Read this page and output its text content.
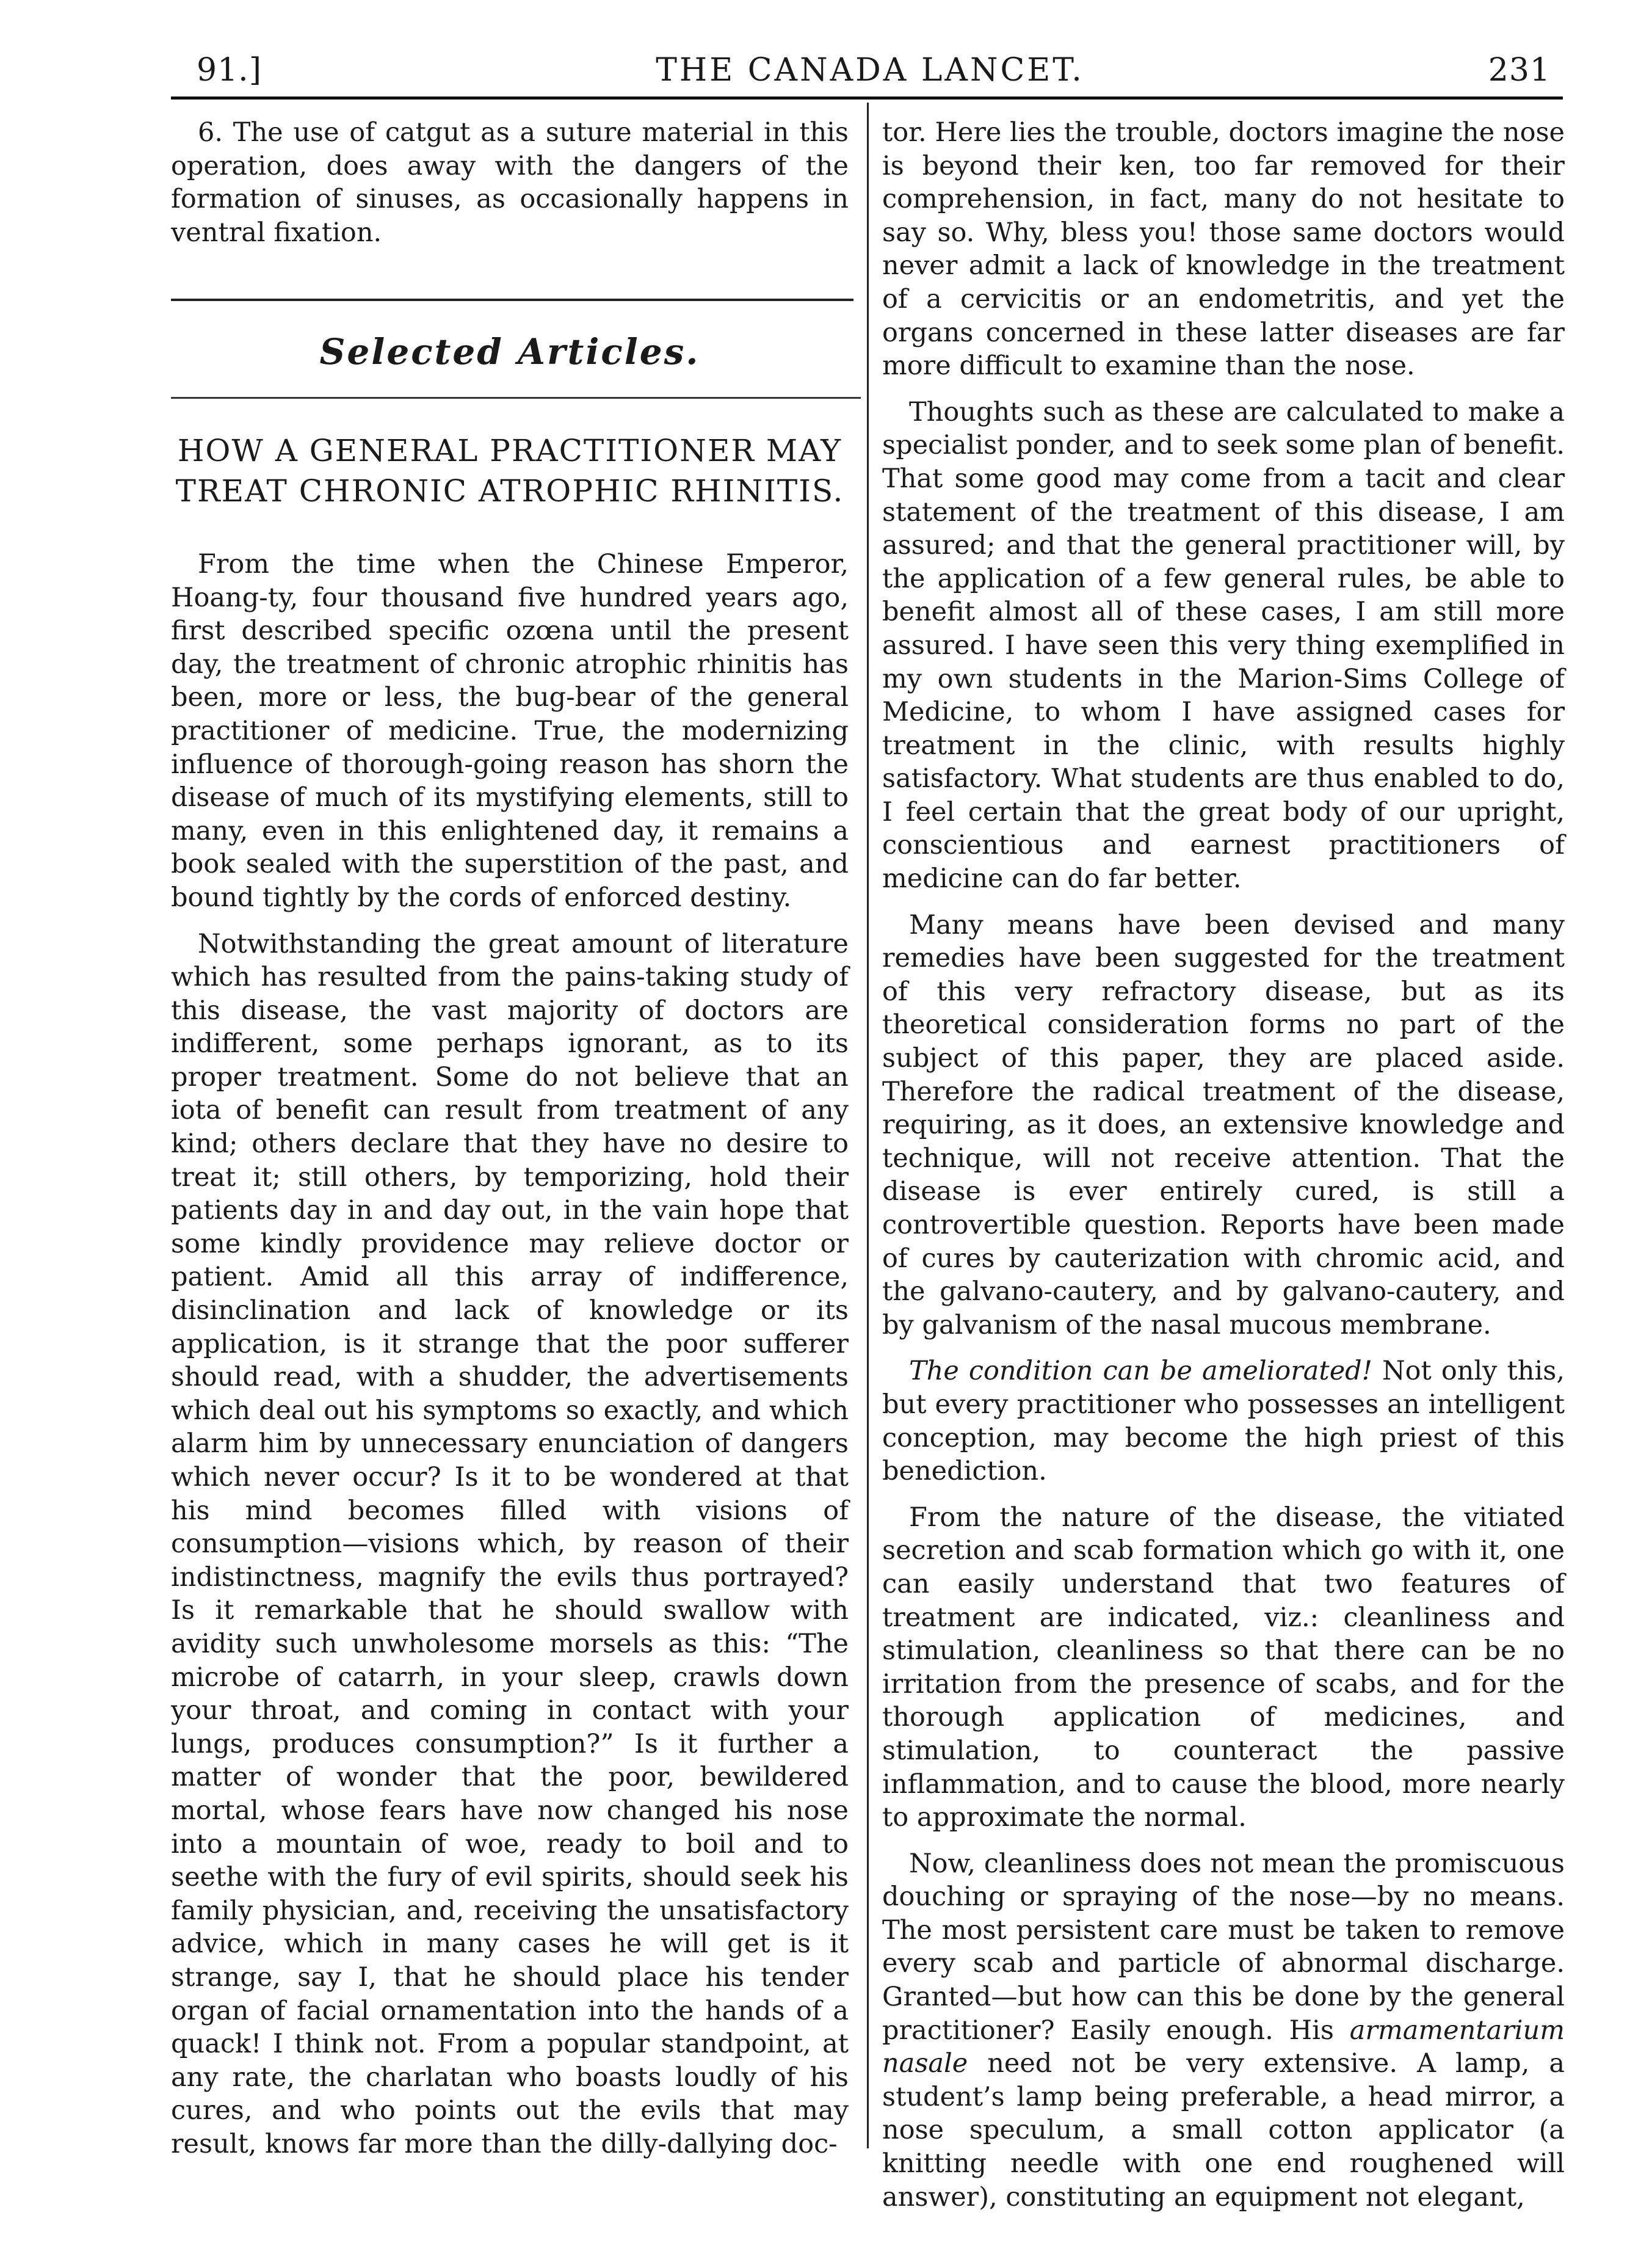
91.]	THE CANADA LANCET.	231

6. The use of catgut as a suture material in this operation, does away with the dangers of the formation of sinuses, as occasionally happens in ventral fixation.

Selected Articles.
HOW A GENERAL PRACTITIONER MAY TREAT CHRONIC ATROPHIC RHINITIS.

From the time when the Chinese Emperor, Hoang-ty, four thousand five hundred years ago, first described specific ozœna until the present day, the treatment of chronic atrophic rhinitis has been, more or less, the bug-bear of the general practitioner of medicine. True, the modernizing influence of thorough-going reason has shorn the disease of much of its mystifying elements, still to many, even in this enlightened day, it remains a book sealed with the superstition of the past, and bound tightly by the cords of enforced destiny.

Notwithstanding the great amount of literature which has resulted from the pains-taking study of this disease, the vast majority of doctors are indifferent, some perhaps ignorant, as to its proper treatment. Some do not believe that an iota of benefit can result from treatment of any kind; others declare that they have no desire to treat it; still others, by temporizing, hold their patients day in and day out, in the vain hope that some kindly providence may relieve doctor or patient. Amid all this array of indifference, disinclination and lack of knowledge or its application, is it strange that the poor sufferer should read, with a shudder, the advertisements which deal out his symptoms so exactly, and which alarm him by unnecessary enunciation of dangers which never occur? Is it to be wondered at that his mind becomes filled with visions of consumption—visions which, by reason of their indistinctness, magnify the evils thus portrayed? Is it remarkable that he should swallow with avidity such unwholesome morsels as this: “The microbe of catarrh, in your sleep, crawls down your throat, and coming in contact with your lungs, produces consumption?” Is it further a matter of wonder that the poor, bewildered mortal, whose fears have now changed his nose into a mountain of woe, ready to boil and to seethe with the fury of evil spirits, should seek his family physician, and, receiving the unsatisfactory advice, which in many cases he will get is it strange, say I, that he should place his tender organ of facial ornamentation into the hands of a quack! I think not. From a popular standpoint, at any rate, the charlatan who boasts loudly of his cures, and who points out the evils that may result, knows far more than the dilly-dallying doc-

tor. Here lies the trouble, doctors imagine the nose is beyond their ken, too far removed for their comprehension, in fact, many do not hesitate to say so. Why, bless you! those same doctors would never admit a lack of knowledge in the treatment of a cervicitis or an endometritis, and yet the organs concerned in these latter diseases are far more difficult to examine than the nose.

Thoughts such as these are calculated to make a specialist ponder, and to seek some plan of benefit. That some good may come from a tacit and clear statement of the treatment of this disease, I am assured; and that the general practitioner will, by the application of a few general rules, be able to benefit almost all of these cases, I am still more assured. I have seen this very thing exemplified in my own students in the Marion-Sims College of Medicine, to whom I have assigned cases for treatment in the clinic, with results highly satisfactory. What students are thus enabled to do, I feel certain that the great body of our upright, conscientious and earnest practitioners of medicine can do far better.

Many means have been devised and many remedies have been suggested for the treatment of this very refractory disease, but as its theoretical consideration forms no part of the subject of this paper, they are placed aside. Therefore the radical treatment of the disease, requiring, as it does, an extensive knowledge and technique, will not receive attention. That the disease is ever entirely cured, is still a controvertible question. Reports have been made of cures by cauterization with chromic acid, and the galvano-cautery, and by galvano-cautery, and by galvanism of the nasal mucous membrane.

The condition can be ameliorated! Not only this, but every practitioner who possesses an intelligent conception, may become the high priest of this benediction.

From the nature of the disease, the vitiated secretion and scab formation which go with it, one can easily understand that two features of treatment are indicated, viz.: cleanliness and stimulation, cleanliness so that there can be no irritation from the presence of scabs, and for the thorough application of medicines, and stimulation, to counteract the passive inflammation, and to cause the blood, more nearly to approximate the normal.

Now, cleanliness does not mean the promiscuous douching or spraying of the nose—by no means. The most persistent care must be taken to remove every scab and particle of abnormal discharge. Granted—but how can this be done by the general practitioner? Easily enough. His armamentarium nasale need not be very extensive. A lamp, a student’s lamp being preferable, a head mirror, a nose speculum, a small cotton applicator (a knitting needle with one end roughened will answer), constituting an equipment not elegant,
